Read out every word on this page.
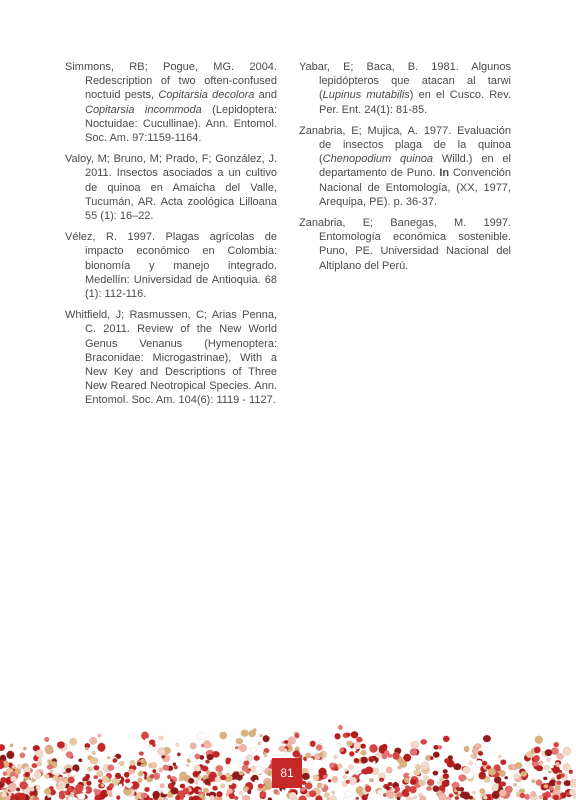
Simmons, RB; Pogue, MG. 2004. Redescription of two often-confused noctuid pests, Copitarsia decolora and Copitarsia incommoda (Lepidoptera: Noctuidae: Cucullinae). Ann. Entomol. Soc. Am. 97:1159-1164.

Valoy, M; Bruno, M; Prado, F; González, J. 2011. Insectos asociados a un cultivo de quinoa en Amaicha del Valle, Tucumán, AR. Acta zoológica Lilloana 55 (1): 16–22.

Vélez, R. 1997. Plagas agrícolas de impacto económico en Colombia: bionomía y manejo integrado. Medellín: Universidad de Antioquia. 68 (1): 112-116.

Whitfield, J; Rasmussen, C; Arias Penna, C. 2011. Review of the New World Genus Venanus (Hymenoptera: Braconidae: Microgastrinae), With a New Key and Descriptions of Three New Reared Neotropical Species. Ann. Entomol. Soc. Am. 104(6): 1119 - 1127.

Yabar, E; Baca, B. 1981. Algunos lepidópteros que atacan al tarwi (Lupinus mutabilis) en el Cusco. Rev. Per. Ent. 24(1): 81-85.

Zanabria, E; Mujica, A. 1977. Evaluación de insectos plaga de la quinoa (Chenopodium quinoa Willd.) en el departamento de Puno. In Convención Nacional de Entomología, (XX, 1977, Arequipa, PE). p. 36-37.

Zanabria, E; Banegas, M. 1997. Entomología económica sostenible. Puno, PE. Universidad Nacional del Altiplano del Perú.

81
